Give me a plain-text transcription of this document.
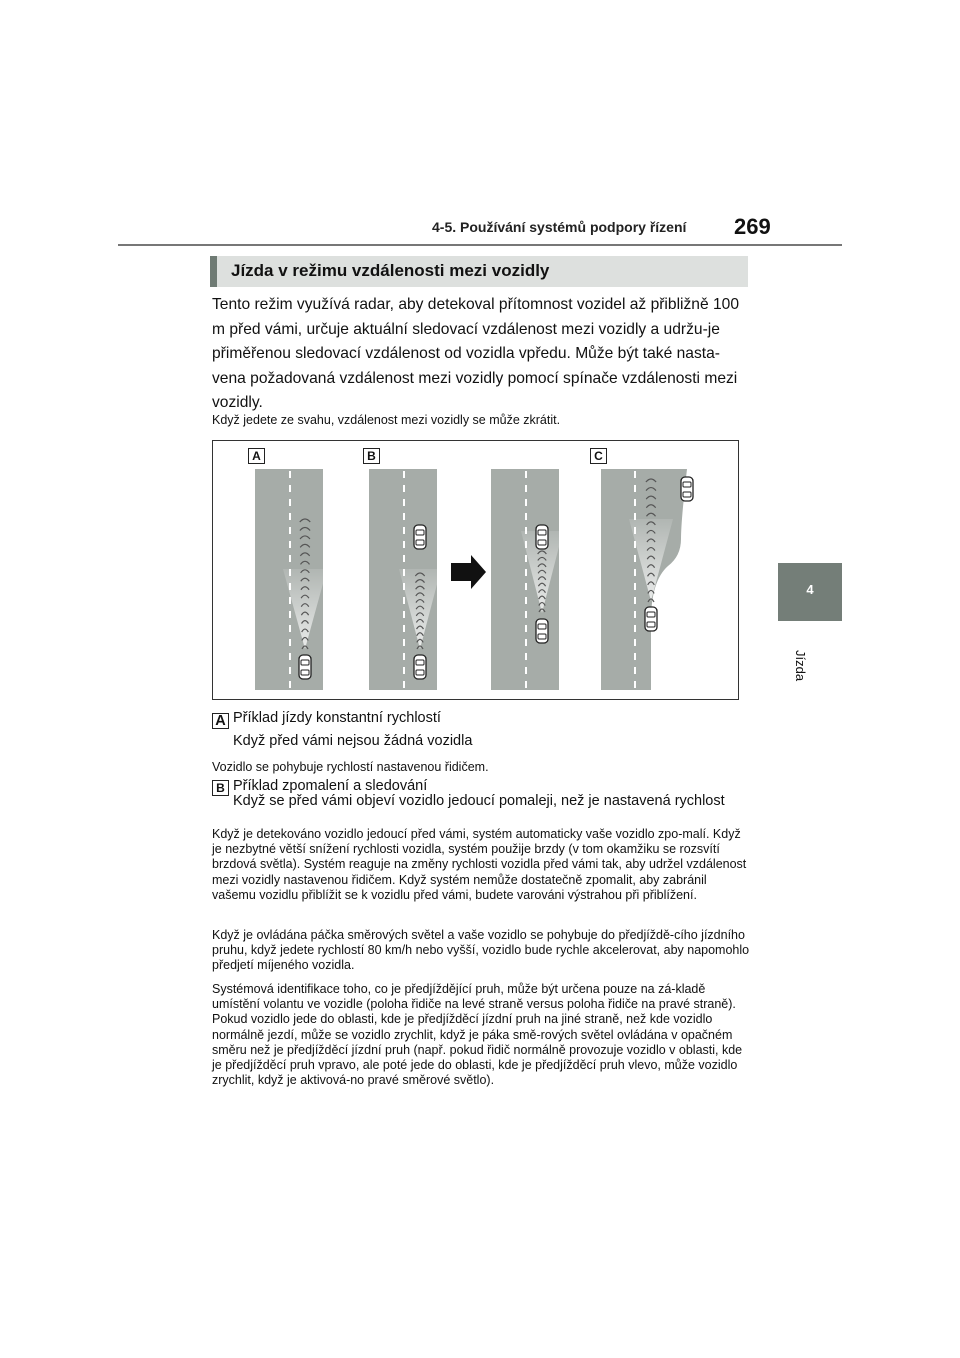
4-5. Používání systémů podpory řízení 269
4
Jízda
Jízda v režimu vzdálenosti mezi vozidly
Tento režim využívá radar, aby detekoval přítomnost vozidel až přibližně 100 m před vámi, určuje aktuální sledovací vzdálenost mezi vozidly a udržu-je přiměřenou sledovací vzdálenost od vozidla vpředu. Může být také nasta-vena požadovaná vzdálenost mezi vozidly pomocí spínače vzdálenosti mezi vozidly.
Když jedete ze svahu, vzdálenost mezi vozidly se může zkrátit.
A	B	C
A Příklad jízdy konstantní rychlostí
Když před vámi nejsou žádná vozidla
Vozidlo se pohybuje rychlostí nastavenou řidičem.
B Příklad zpomalení a sledování
Když se před vámi objeví vozidlo jedoucí pomaleji, než je nastavená rychlost
Když je detekováno vozidlo jedoucí před vámi, systém automaticky vaše vozidlo zpo-malí. Když je nezbytné větší snížení rychlosti vozidla, systém použije brzdy (v tom okamžiku se rozsvítí brzdová světla). Systém reaguje na změny rychlosti vozidla před vámi tak, aby udržel vzdálenost mezi vozidly nastavenou řidičem. Když systém nemůže dostatečně zpomalit, aby zabránil vašemu vozidlu přiblížit se k vozidlu před vámi, budete varováni výstrahou při přiblížení.
Když je ovládána páčka směrových světel a vaše vozidlo se pohybuje do předjíždě-cího jízdního pruhu, když jedete rychlostí 80 km/h nebo vyšší, vozidlo bude rychle akcelerovat, aby napomohlo předjetí míjeného vozidla.
Systémová identifikace toho, co je předjíždějící pruh, může být určena pouze na zá-kladě umístění volantu ve vozidle (poloha řidiče na levé straně versus poloha řidiče na pravé straně). Pokud vozidlo jede do oblasti, kde je předjížděcí jízdní pruh na jiné straně, než kde vozidlo normálně jezdí, může se vozidlo zrychlit, když je páka smě-rových světel ovládána v opačném směru než je předjížděcí jízdní pruh (např. pokud řidič normálně provozuje vozidlo v oblasti, kde je předjížděcí pruh vpravo, ale poté jede do oblasti, kde je předjížděcí pruh vlevo, může vozidlo zrychlit, když je aktivová-no pravé směrové světlo).
